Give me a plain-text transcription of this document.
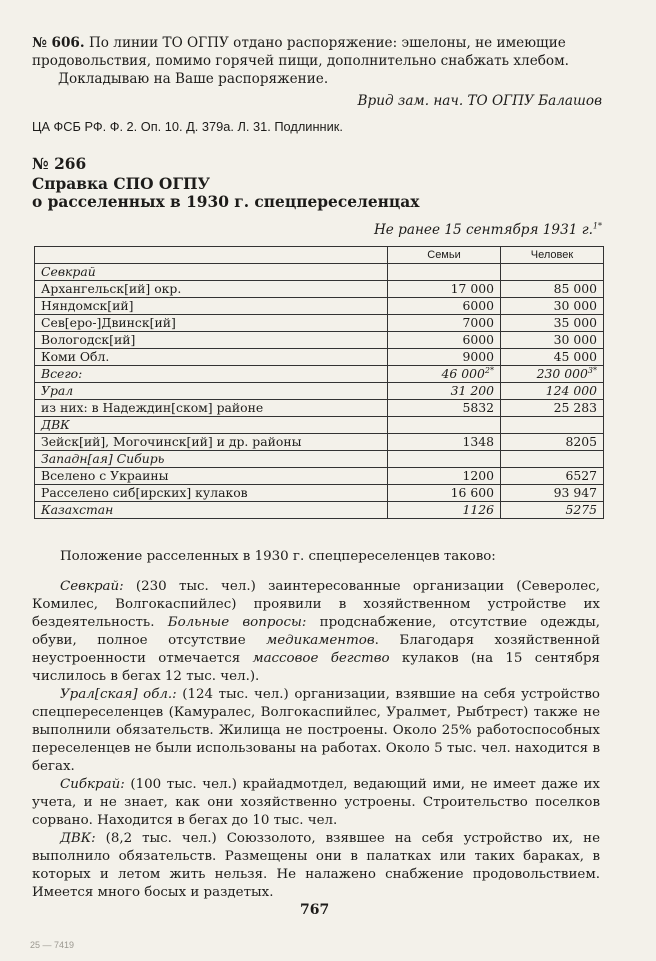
№ 606. По линии ТО ОГПУ отдано распоряжение: эшелоны, не имеющие
продовольствия, помимо горячей пищи, дополнительно снабжать хлебом.
Докладываю на Ваше распоряжение.
Врид зам. нач. ТО ОГПУ Балашов
ЦА ФСБ РФ. Ф. 2. Оп. 10. Д. 379а. Л. 31. Подлинник.
№ 266
Справка СПО ОГПУ
о расселенных в 1930 г. спецпереселенцах
Не ранее 15 сентября 1931 г.$^{1*}$
	Семьи	Человек
Севкрай		
Архангельск[ий] окр.	17 000	85 000
Няндомск[ий]	6000	30 000
Сев[еро-]Двинск[ий]	7000	35 000
Вологодск[ий]	6000	30 000
Коми Обл.	9000	45 000
Всего:	46 $000^{2*}$	230 $000^{3*}$
Урал	31 200	124 000
из них: в Надеждин[ском] районе	5832	25 283
ДВК		
Зейск[ий], Могочинск[ий] и др. районы	1348	8205
Западн[ая] Сибирь		
Вселено с Украины	1200	6527
Расселено сиб[ирских] кулаков	16 600	93 947
Казахстан	1126	5275
Положение расселенных в 1930 г. спецпереселенцев таково:
Севкрай: (230 тыс. чел.) заинтересованные организации (Северолес, Комилес, Волгокаспийлес) проявили в хозяйственном устройстве их бездеятельность. Больные вопросы: продснабжение, отсутствие одежды, обуви, полное отсутствие медикаментов. Благодаря хозяйственной неустроенности отмечается массовое бегство кулаков (на 15 сентября числилось в бегах 12 тыс. чел.).
Урал[ская] обл.: (124 тыс. чел.) организации, взявшие на себя устройство спецпереселенцев (Камуралес, Волгокаспийлес, Уралмет, Рыбтрест) также не выполнили обязательств. Жилища не построены. Около 25% работоспособных переселенцев не были использованы на работах. Около 5 тыс. чел. находится в бегах.
Сибкрай: (100 тыс. чел.) крайадмотдел, ведающий ими, не имеет даже их учета, и не знает, как они хозяйственно устроены. Строительство поселков сорвано. Находится в бегах до 10 тыс. чел.
ДВК: (8,2 тыс. чел.) Союззолото, взявшее на себя устройство их, не выполнило обязательств. Размещены они в палатках или таких бараках, в которых и летом жить нельзя. Не налажено снабжение продовольствием. Имеется много босых и раздетых.
767
25 — 7419
